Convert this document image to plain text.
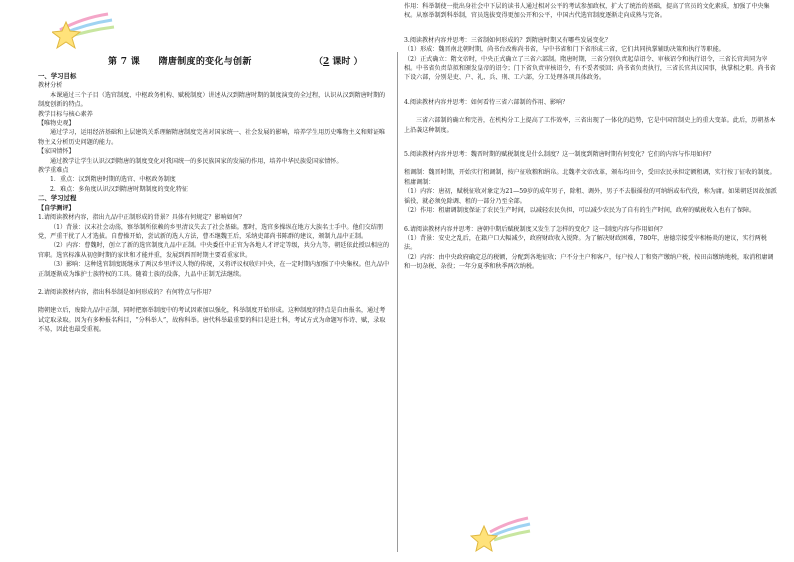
第 7 课　　隋唐制度的变化与创新	（2 课时 ）

一、学习目标

教材分析

本课通过三个子目（选官制度、中枢政务机构、赋税制度）讲述从汉到隋唐时期的制度演变的全过程，认识从汉到隋唐时期的制度创新的特点。

教学目标与核心素养

【唯物史观】

通过学习，运用经济基础和上层建筑关系理解隋唐制度完善对国家统一、社会发展的影响，培养学生用历史唯物主义和辩证唯物主义分析历史问题的能力。

【家国情怀】

通过教学让学生认识汉到隋唐的制度变化对我国统一的多民族国家的发展的作用，培养中华民族爱国家情怀。

教学重难点

1．重点：汉到隋唐时期的选官、中枢政务制度

2．难点：多角度认识汉到隋唐时期制度的变化特征

二、学习过程

【自学测评】

1.请阅读教材内容，指出九品中正制形成的背景？具体有何规定？影响如何？

（1）背景：汉末社会动荡，察举制所依赖的乡里清议失去了社会基础。那时，选官多操纵在地方大族名士手中。他们交结朋党，严重干扰了人才选拔。自曹操开始，尝试新的选人方法，曹丕继魏王后，采纳吏部尚书陈群的建议，颁制九品中正制。

（2）内容：曹魏时，创立了新的选官制度九品中正制。中央委任中正官为各地人才评定等级，共分九等，朝廷依此授以相应的官职。选官标准从初创时期的家世和才能并重，发展到西晋时期主要看重家世。

（3）影响：这种选官制度既继承了两汉乡里评议人物的传统，又将评议权收归中央，在一定时期内加强了中央集权。但九品中正制逐渐成为维护士族特权的工具。随着士族的没落，九品中正制无法继续。

2.请阅读教材内容，指出科举制是如何形成的？有何特点与作用？

隋朝建立后，废除九品中正制，同时把察举制度中的考试因素加以强化，科举制度开始形成。这种制度的特点是自由报名，通过考试定取录取。因为有多种报名科目，“分科举人”，故称科举。唐代科举最重要的科目是进士科，考试方式为命题写作诗、赋，录取不易，因此也最受重视。

作用：科举制使一批出身社会中下层的读书人通过相对公平的考试参加政权，扩大了统治的基础，提高了官员的文化素质，加强了中央集权。从察举制到科举制，官员选拔变得更加公开和公平，中国古代选官制度逐渐走向成熟与完备。

3.阅读教材内容并思考：三省制如何形成的？到隋唐时期又有哪些发展变化？

（1）形成：魏晋南北朝时期，尚书台改称尚书省，与中书省和门下省形成三省，它们共同执掌辅助决策和执行等职能。

（2）正式确立：隋文帝时，中央正式确立了三省六部制。隋唐时期，三省分别负责起草诏令、审核诏令和执行诏令，三省长官共同为宰相。中书省负责草拟和颁发皇帝的诏令；门下省负责审核诏令，有不妥者驳回；尚书省负责执行，三省长官共议国事，执掌相之职。尚书省下设六部，分别是吏、户、礼、兵、刑、工六部，分工处理各项具体政务。

4.阅读教材内容并思考：如何看待三省六部制的作用、影响？

三省六部制的确立和完善，在机构分工上提高了工作效率，三省出现了一体化的趋势，它是中国官制史上的重大变革。此后，历朝基本上沿袭这种制度。

5.阅读教材内容并思考：魏晋时期的赋税制度是什么制度？这一制度到隋唐时期有何变化？它们的内容与作用如何？

租调制：魏晋时期，开始实行租调制，按户征收粮和绢帛。北魏孝文帝改革，颁布均田令，受田农民承担定额租调，实行按丁征收的制度。

租庸调制：

（1）内容：唐初，赋税征收对象定为21—59岁的成年男子，除租、调外，男子不去服徭役的可纳绢或布代役，称为庸。如果朝廷因故加派徭役，就必须免除调、租的一部分乃至全部。

（2）作用：租庸调制度保证了农民生产时间，以减轻农民负担，可以减少农民为了自有的生产时间，政府的赋税收入也有了保障。

6.请阅读教材内容并思考：唐朝中期后赋税制度又发生了怎样的变化？这一制度内容与作用如何？

（1）背景：安史之乱后，在籍户口大幅减少，政府财政收入锐降。为了解决财政困难，780年，唐德宗接受宰相杨炎的建议，实行两税法。

（2）内容：由中央政府确定总的税额，分配到各地征收；户不分主户和客户，每户按人丁和资产缴纳户税，按田亩缴纳地税，取消租庸调和一切杂税、杂役；一年分夏季和秋季两次纳税。
